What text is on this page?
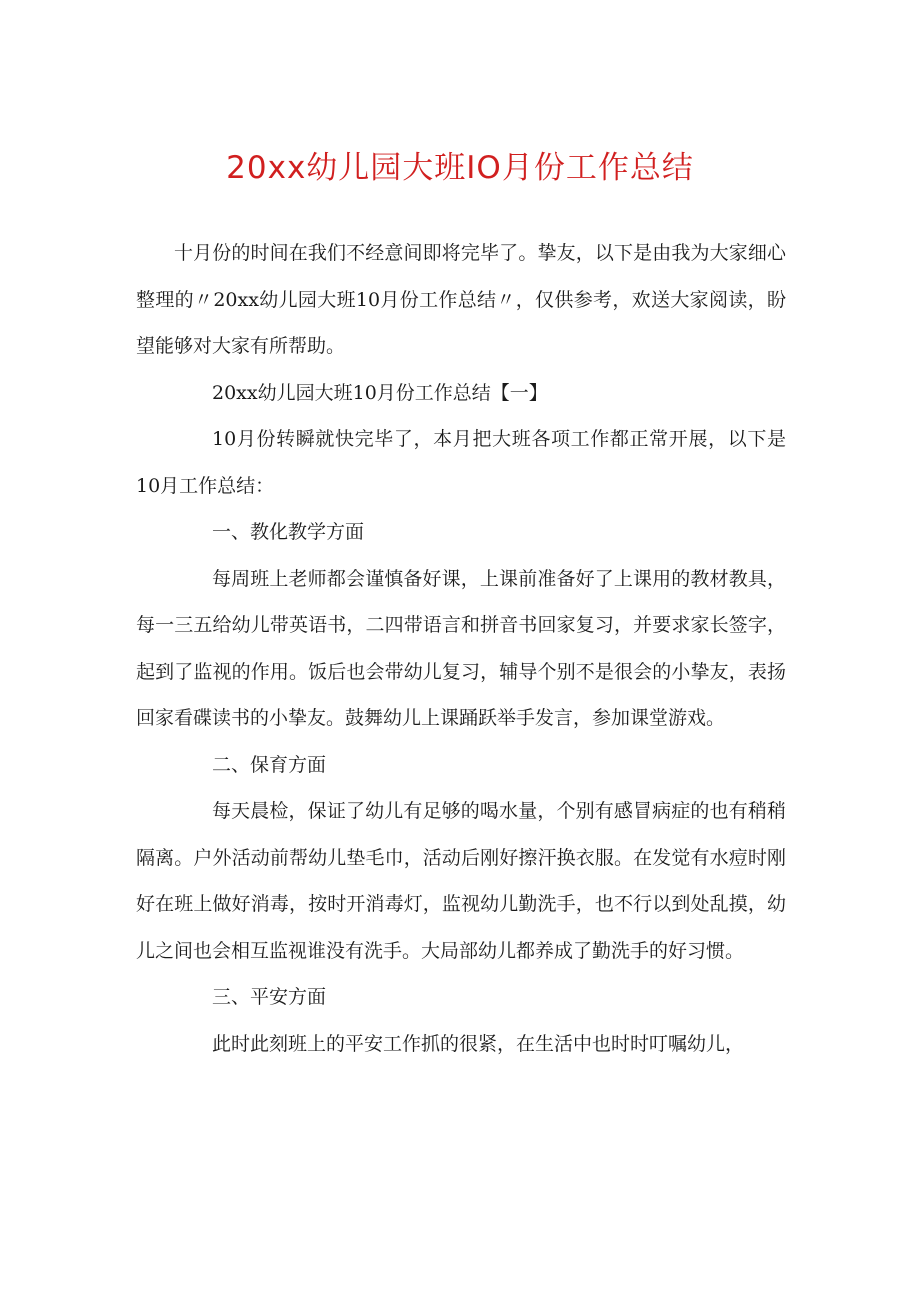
20xx幼儿园大班IO月份工作总结

十月份的时间在我们不经意间即将完毕了。挚友，以下是由我为大家细心整理的〃20xx幼儿园大班10月份工作总结〃，仅供参考，欢送大家阅读，盼望能够对大家有所帮助。

20xx幼儿园大班10月份工作总结【一】

10月份转瞬就快完毕了，本月把大班各项工作都正常开展，以下是10月工作总结：

一、教化教学方面

每周班上老师都会谨慎备好课，上课前准备好了上课用的教材教具，每一三五给幼儿带英语书，二四带语言和拼音书回家复习，并要求家长签字，起到了监视的作用。饭后也会带幼儿复习，辅导个别不是很会的小挚友，表扬回家看碟读书的小挚友。鼓舞幼儿上课踊跃举手发言，参加课堂游戏。

二、保育方面

每天晨检，保证了幼儿有足够的喝水量，个别有感冒病症的也有稍稍隔离。户外活动前帮幼儿垫毛巾，活动后刚好擦汗换衣服。在发觉有水痘时刚好在班上做好消毒，按时开消毒灯，监视幼儿勤洗手，也不行以到处乱摸，幼儿之间也会相互监视谁没有洗手。大局部幼儿都养成了勤洗手的好习惯。

三、平安方面

此时此刻班上的平安工作抓的很紧，在生活中也时时叮嘱幼儿，
